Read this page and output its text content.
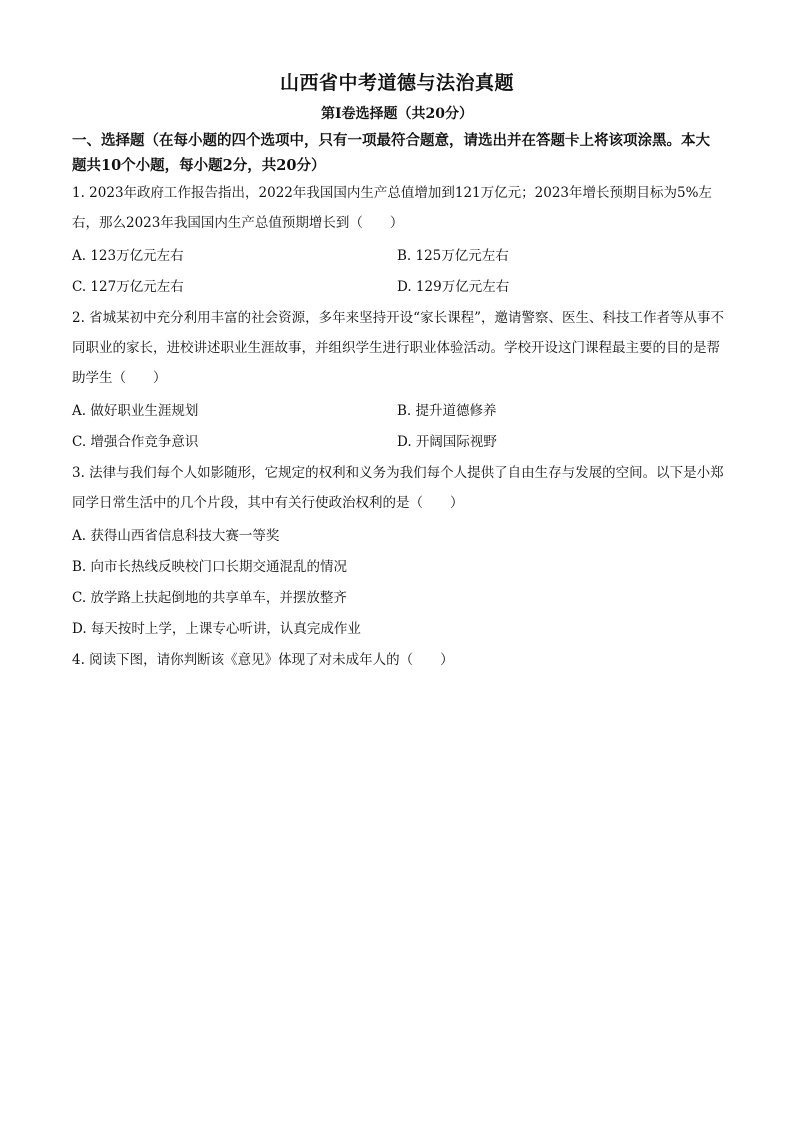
山西省中考道德与法治真题
第Ⅰ卷选择题（共20分）
一、选择题（在每小题的四个选项中，只有一项最符合题意，请选出并在答题卡上将该项涂黑。本大题共10个小题，每小题2分，共20分）
1. 2023年政府工作报告指出，2022年我国国内生产总值增加到121万亿元；2023年增长预期目标为5%左右，那么2023年我国国内生产总值预期增长到（　　）
A. 123万亿元左右	B. 125万亿元左右
C. 127万亿元左右	D. 129万亿元左右
2. 省城某初中充分利用丰富的社会资源，多年来坚持开设“家长课程”，邀请警察、医生、科技工作者等从事不同职业的家长，进校讲述职业生涯故事，并组织学生进行职业体验活动。学校开设这门课程最主要的目的是帮助学生（　　）
A. 做好职业生涯规划	B. 提升道德修养
C. 增强合作竞争意识	D. 开阔国际视野
3. 法律与我们每个人如影随形，它规定的权利和义务为我们每个人提供了自由生存与发展的空间。以下是小郑同学日常生活中的几个片段，其中有关行使政治权利的是（　　）
A. 获得山西省信息科技大赛一等奖
B. 向市长热线反映校门口长期交通混乱的情况
C. 放学路上扶起倒地的共享单车，并摆放整齐
D. 每天按时上学，上课专心听讲，认真完成作业
4. 阅读下图，请你判断该《意见》体现了对未成年人的（　　）
